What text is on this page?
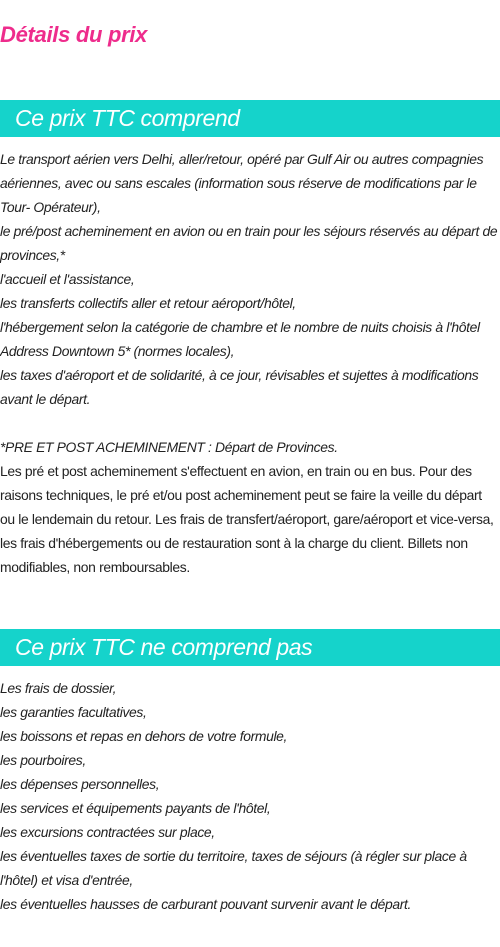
Détails du prix
Ce prix TTC comprend
Le transport aérien vers Delhi, aller/retour, opéré par Gulf Air ou autres compagnies aériennes, avec ou sans escales (information sous réserve de modifications par le Tour- Opérateur),
le pré/post acheminement en avion ou en train pour les séjours réservés au départ de provinces,*
l'accueil et l'assistance,
les transferts collectifs aller et retour aéroport/hôtel,
l'hébergement selon la catégorie de chambre et le nombre de nuits choisis à l'hôtel Address Downtown 5* (normes locales),
les taxes d'aéroport et de solidarité, à ce jour, révisables et sujettes à modifications avant le départ.

*PRE ET POST ACHEMINEMENT : Départ de Provinces.

Les pré et post acheminement s'effectuent en avion, en train ou en bus. Pour des raisons techniques, le pré et/ou post acheminement peut se faire la veille du départ ou le lendemain du retour. Les frais de transfert/aéroport, gare/aéroport et vice-versa, les frais d'hébergements ou de restauration sont à la charge du client. Billets non modifiables, non remboursables.

Ce prix TTC ne comprend pas
Les frais de dossier,
les garanties facultatives,
les boissons et repas en dehors de votre formule,
les pourboires,
les dépenses personnelles,
les services et équipements payants de l'hôtel,
les excursions contractées sur place,
les éventuelles taxes de sortie du territoire, taxes de séjours (à régler sur place à l'hôtel) et visa d'entrée,
les éventuelles hausses de carburant pouvant survenir avant le départ.
